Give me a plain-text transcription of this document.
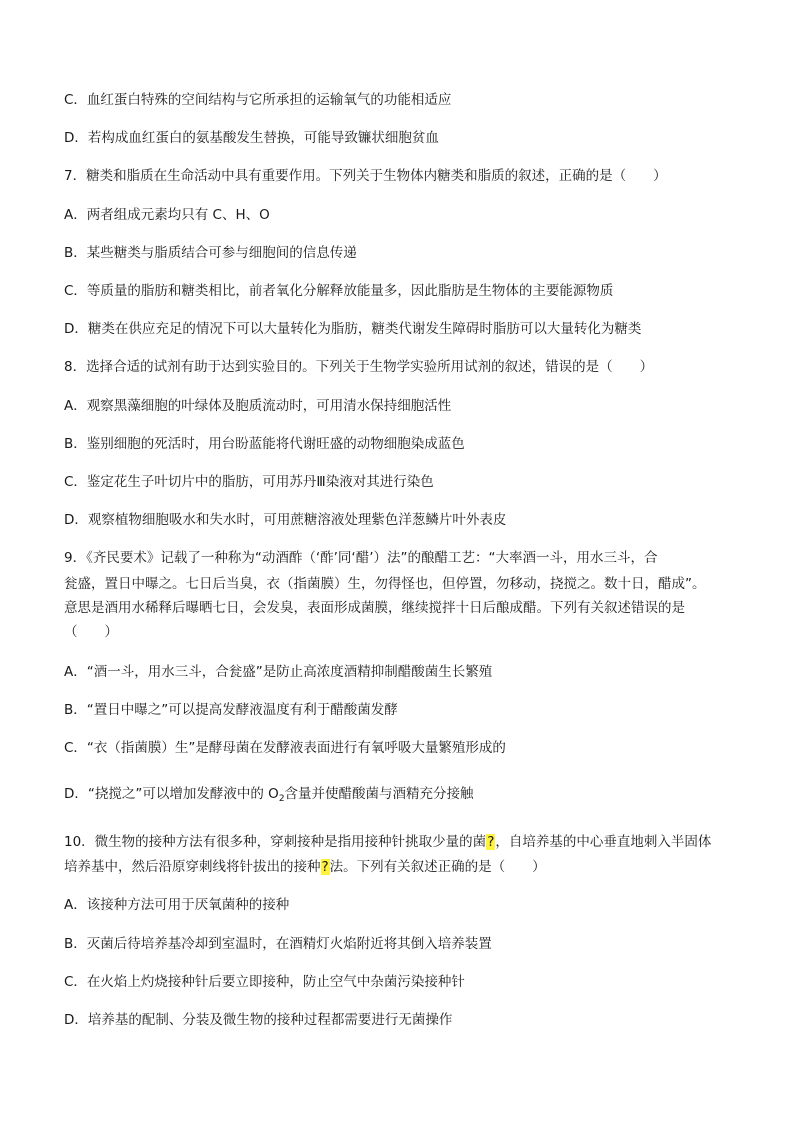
C．血红蛋白特殊的空间结构与它所承担的运输氧气的功能相适应
D．若构成血红蛋白的氨基酸发生替换，可能导致镰状细胞贫血
7．糖类和脂质在生命活动中具有重要作用。下列关于生物体内糖类和脂质的叙述，正确的是（　　）
A．两者组成元素均只有 C、H、O
B．某些糖类与脂质结合可参与细胞间的信息传递
C．等质量的脂肪和糖类相比，前者氧化分解释放能量多，因此脂肪是生物体的主要能源物质
D．糖类在供应充足的情况下可以大量转化为脂肪，糖类代谢发生障碍时脂肪可以大量转化为糖类
8．选择合适的试剂有助于达到实验目的。下列关于生物学实验所用试剂的叙述，错误的是（　　）
A．观察黑藻细胞的叶绿体及胞质流动时，可用清水保持细胞活性
B．鉴别细胞的死活时，用台盼蓝能将代谢旺盛的动物细胞染成蓝色
C．鉴定花生子叶切片中的脂肪，可用苏丹Ⅲ染液对其进行染色
D．观察植物细胞吸水和失水时，可用蔗糖溶液处理紫色洋葱鳞片叶外表皮
9．《齐民要术》记载了一种称为“动酒酢（‘酢’同‘醋’）法”的酿醋工艺：“大率酒一斗，用水三斗，合
瓮盛，置日中曝之。七日后当臭，衣（指菌膜）生，勿得怪也，但停置，勿移动，挠搅之。数十日，醋成”。
意思是酒用水稀释后曝晒七日，会发臭，表面形成菌膜，继续搅拌十日后酿成醋。下列有关叙述错误的是
（　　）
A．“酒一斗，用水三斗，合瓮盛”是防止高浓度酒精抑制醋酸菌生长繁殖
B．“置日中曝之”可以提高发酵液温度有利于醋酸菌发酵
C．“衣（指菌膜）生”是酵母菌在发酵液表面进行有氧呼吸大量繁殖形成的
D．“挠搅之”可以增加发酵液中的 $O_2$含量并使醋酸菌与酒精充分接触
10．微生物的接种方法有很多种，穿刺接种是指用接种针挑取少量的菌?，自培养基的中心垂直地刺入半固体
培养基中，然后沿原穿刺线将针拔出的接种?法。下列有关叙述正确的是（　　）
A．该接种方法可用于厌氧菌种的接种
B．灭菌后待培养基冷却到室温时，在酒精灯火焰附近将其倒入培养装置
C．在火焰上灼烧接种针后要立即接种，防止空气中杂菌污染接种针
D．培养基的配制、分装及微生物的接种过程都需要进行无菌操作
